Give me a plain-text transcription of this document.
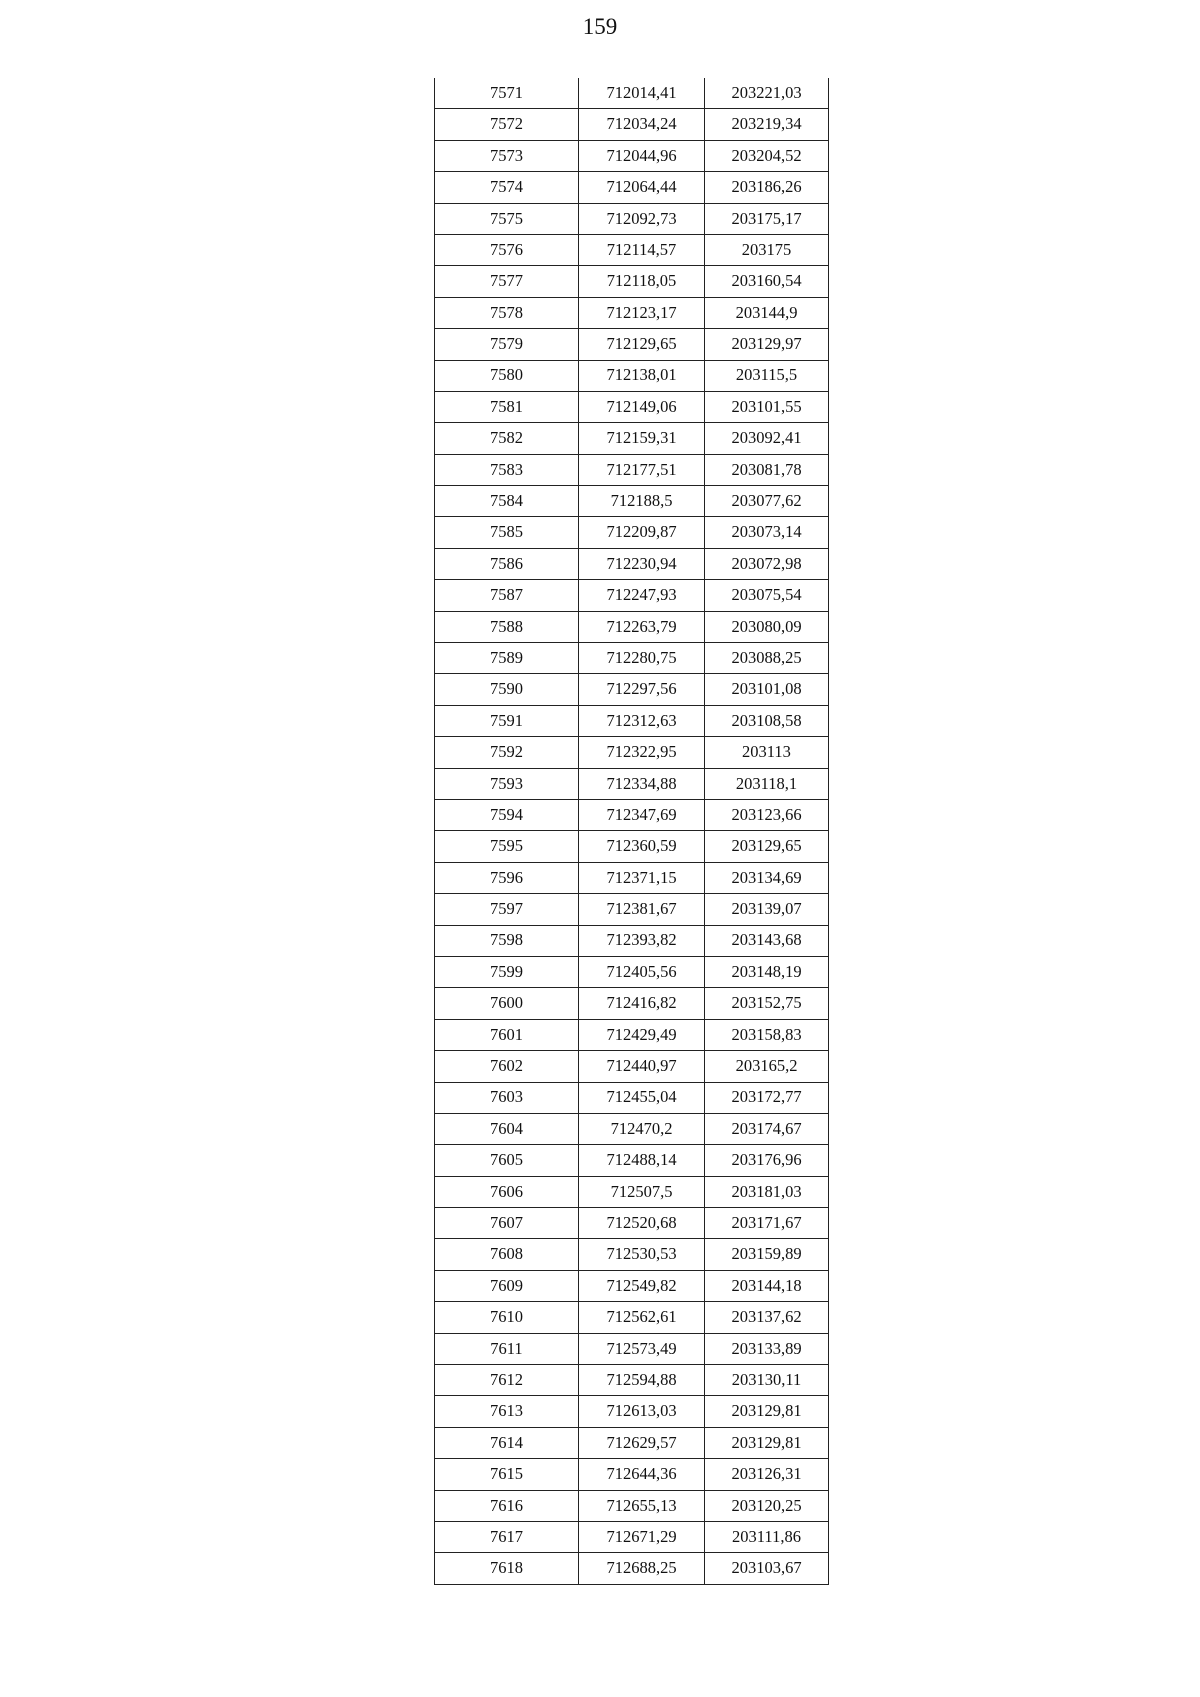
159
7571	712014,41	203221,03
7572	712034,24	203219,34
7573	712044,96	203204,52
7574	712064,44	203186,26
7575	712092,73	203175,17
7576	712114,57	203175
7577	712118,05	203160,54
7578	712123,17	203144,9
7579	712129,65	203129,97
7580	712138,01	203115,5
7581	712149,06	203101,55
7582	712159,31	203092,41
7583	712177,51	203081,78
7584	712188,5	203077,62
7585	712209,87	203073,14
7586	712230,94	203072,98
7587	712247,93	203075,54
7588	712263,79	203080,09
7589	712280,75	203088,25
7590	712297,56	203101,08
7591	712312,63	203108,58
7592	712322,95	203113
7593	712334,88	203118,1
7594	712347,69	203123,66
7595	712360,59	203129,65
7596	712371,15	203134,69
7597	712381,67	203139,07
7598	712393,82	203143,68
7599	712405,56	203148,19
7600	712416,82	203152,75
7601	712429,49	203158,83
7602	712440,97	203165,2
7603	712455,04	203172,77
7604	712470,2	203174,67
7605	712488,14	203176,96
7606	712507,5	203181,03
7607	712520,68	203171,67
7608	712530,53	203159,89
7609	712549,82	203144,18
7610	712562,61	203137,62
7611	712573,49	203133,89
7612	712594,88	203130,11
7613	712613,03	203129,81
7614	712629,57	203129,81
7615	712644,36	203126,31
7616	712655,13	203120,25
7617	712671,29	203111,86
7618	712688,25	203103,67
